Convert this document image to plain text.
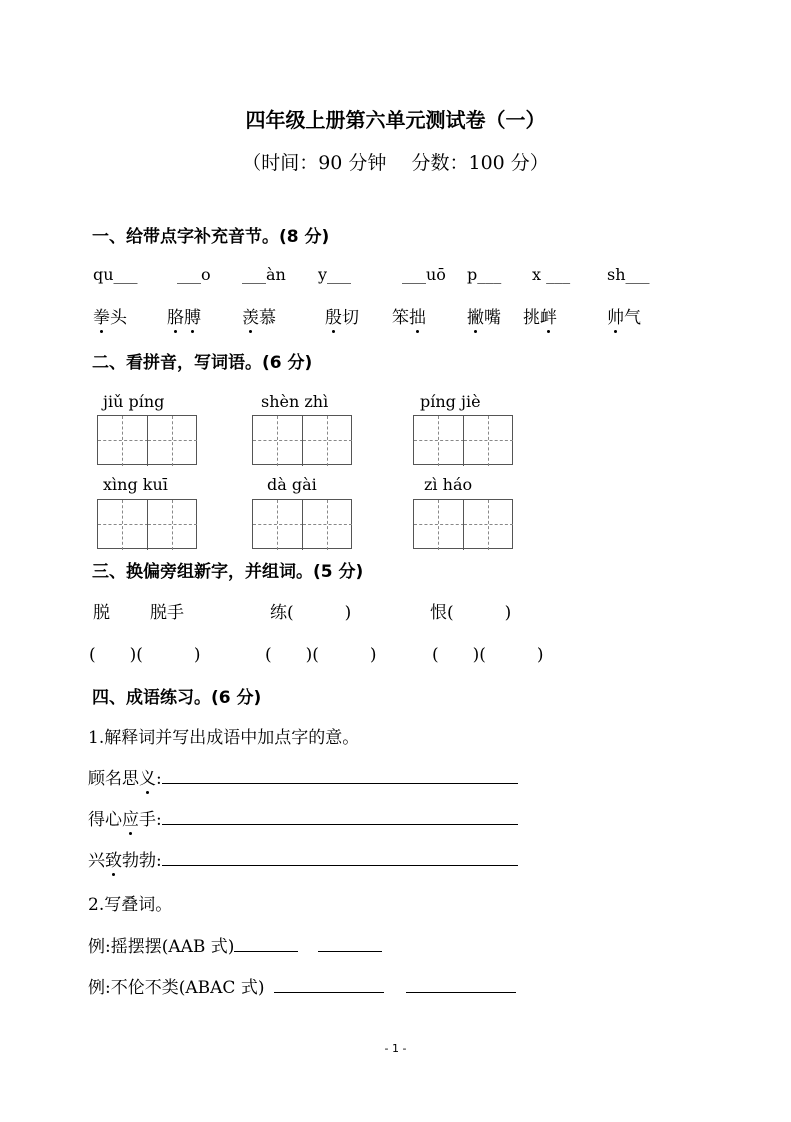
四年级上册第六单元测试卷（一）
（时间：90 分钟　 分数：100 分）
一、给带点字补充音节。(8 分)
qu___ ___o ___àn y___	___uō p___ x ___ sh___
拳头 胳膊 羡慕	殷切 笨拙 撇嘴 挑衅	帅气
二、看拼音，写词语。(6 分)
jiǔ píng	shèn zhì	píng jiè
xìng kuī	dà gài	zì háo
三、换偏旁组新字，并组词。(5 分)
脱 脱手	练(　　　)	恨(　　　)
(　　)(　　　)	(　　)(　　　)	(　　)(　　　)
四、成语练习。(6 分)
1.解释词并写出成语中加点字的意。
顾名思义:
得心应手:
兴致勃勃:
2.写叠词。
例:摇摆摆(AAB 式)
例:不伦不类(ABAC 式)
- 1 -
